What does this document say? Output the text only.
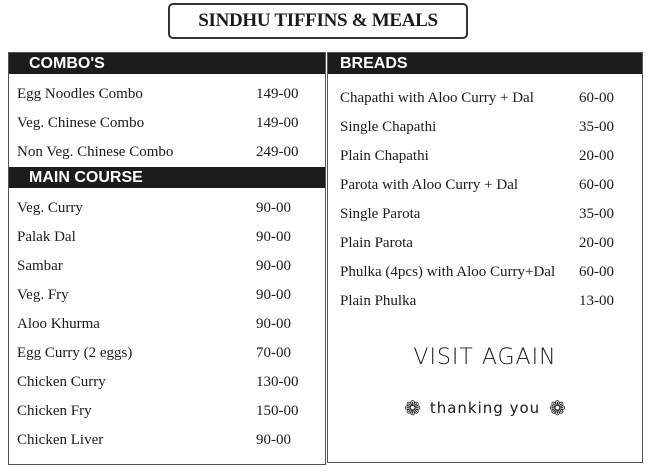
SINDHU TIFFINS & MEALS
COMBO'S
Egg Noodles Combo	149-00
Veg. Chinese Combo	149-00
Non Veg. Chinese Combo	249-00
MAIN COURSE
Veg. Curry	90-00
Palak Dal	90-00
Sambar	90-00
Veg. Fry	90-00
Aloo Khurma	90-00
Egg Curry (2 eggs)	70-00
Chicken Curry	130-00
Chicken Fry	150-00
Chicken Liver	90-00
BREADS
Chapathi with Aloo Curry + Dal	60-00
Single Chapathi	35-00
Plain Chapathi	20-00
Parota with Aloo Curry + Dal	60-00
Single Parota	35-00
Plain Parota	20-00
Phulka (4pcs) with Aloo Curry+Dal 60-00
Plain Phulka	13-00
VISIT AGAIN
❁ thanking you ❁
